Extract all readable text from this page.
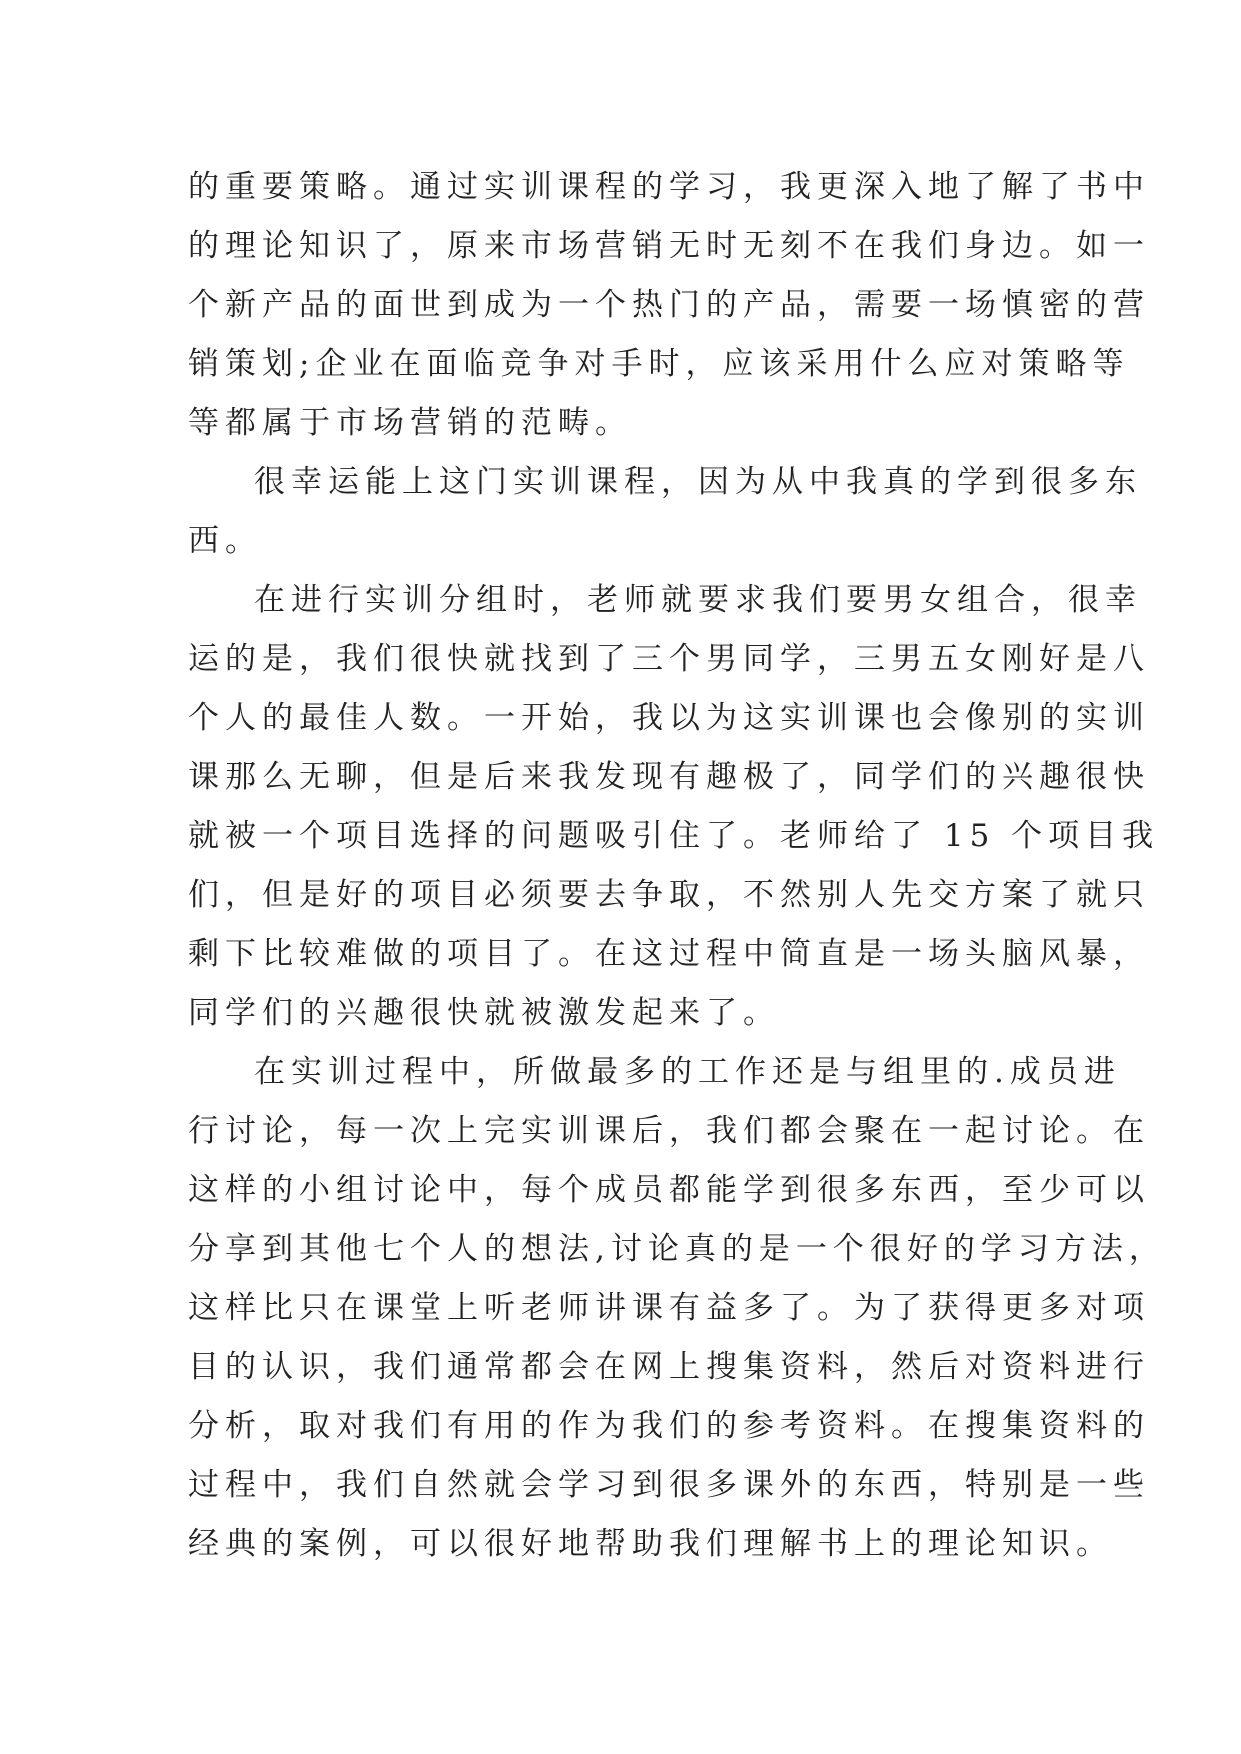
的重要策略。通过实训课程的学习，我更深入地了解了书中
的理论知识了，原来市场营销无时无刻不在我们身边。如一
个新产品的面世到成为一个热门的产品，需要一场慎密的营
销策划;企业在面临竞争对手时，应该采用什么应对策略等
等都属于市场营销的范畴。
很幸运能上这门实训课程，因为从中我真的学到很多东
西。
在进行实训分组时，老师就要求我们要男女组合，很幸
运的是，我们很快就找到了三个男同学，三男五女刚好是八
个人的最佳人数。一开始，我以为这实训课也会像别的实训
课那么无聊，但是后来我发现有趣极了，同学们的兴趣很快
就被一个项目选择的问题吸引住了。老师给了 15 个项目我
们，但是好的项目必须要去争取，不然别人先交方案了就只
剩下比较难做的项目了。在这过程中简直是一场头脑风暴，
同学们的兴趣很快就被激发起来了。
在实训过程中，所做最多的工作还是与组里的.成员进
行讨论，每一次上完实训课后，我们都会聚在一起讨论。在
这样的小组讨论中，每个成员都能学到很多东西，至少可以
分享到其他七个人的想法,讨论真的是一个很好的学习方法，
这样比只在课堂上听老师讲课有益多了。为了获得更多对项
目的认识，我们通常都会在网上搜集资料，然后对资料进行
分析，取对我们有用的作为我们的参考资料。在搜集资料的
过程中，我们自然就会学习到很多课外的东西，特别是一些
经典的案例，可以很好地帮助我们理解书上的理论知识。
